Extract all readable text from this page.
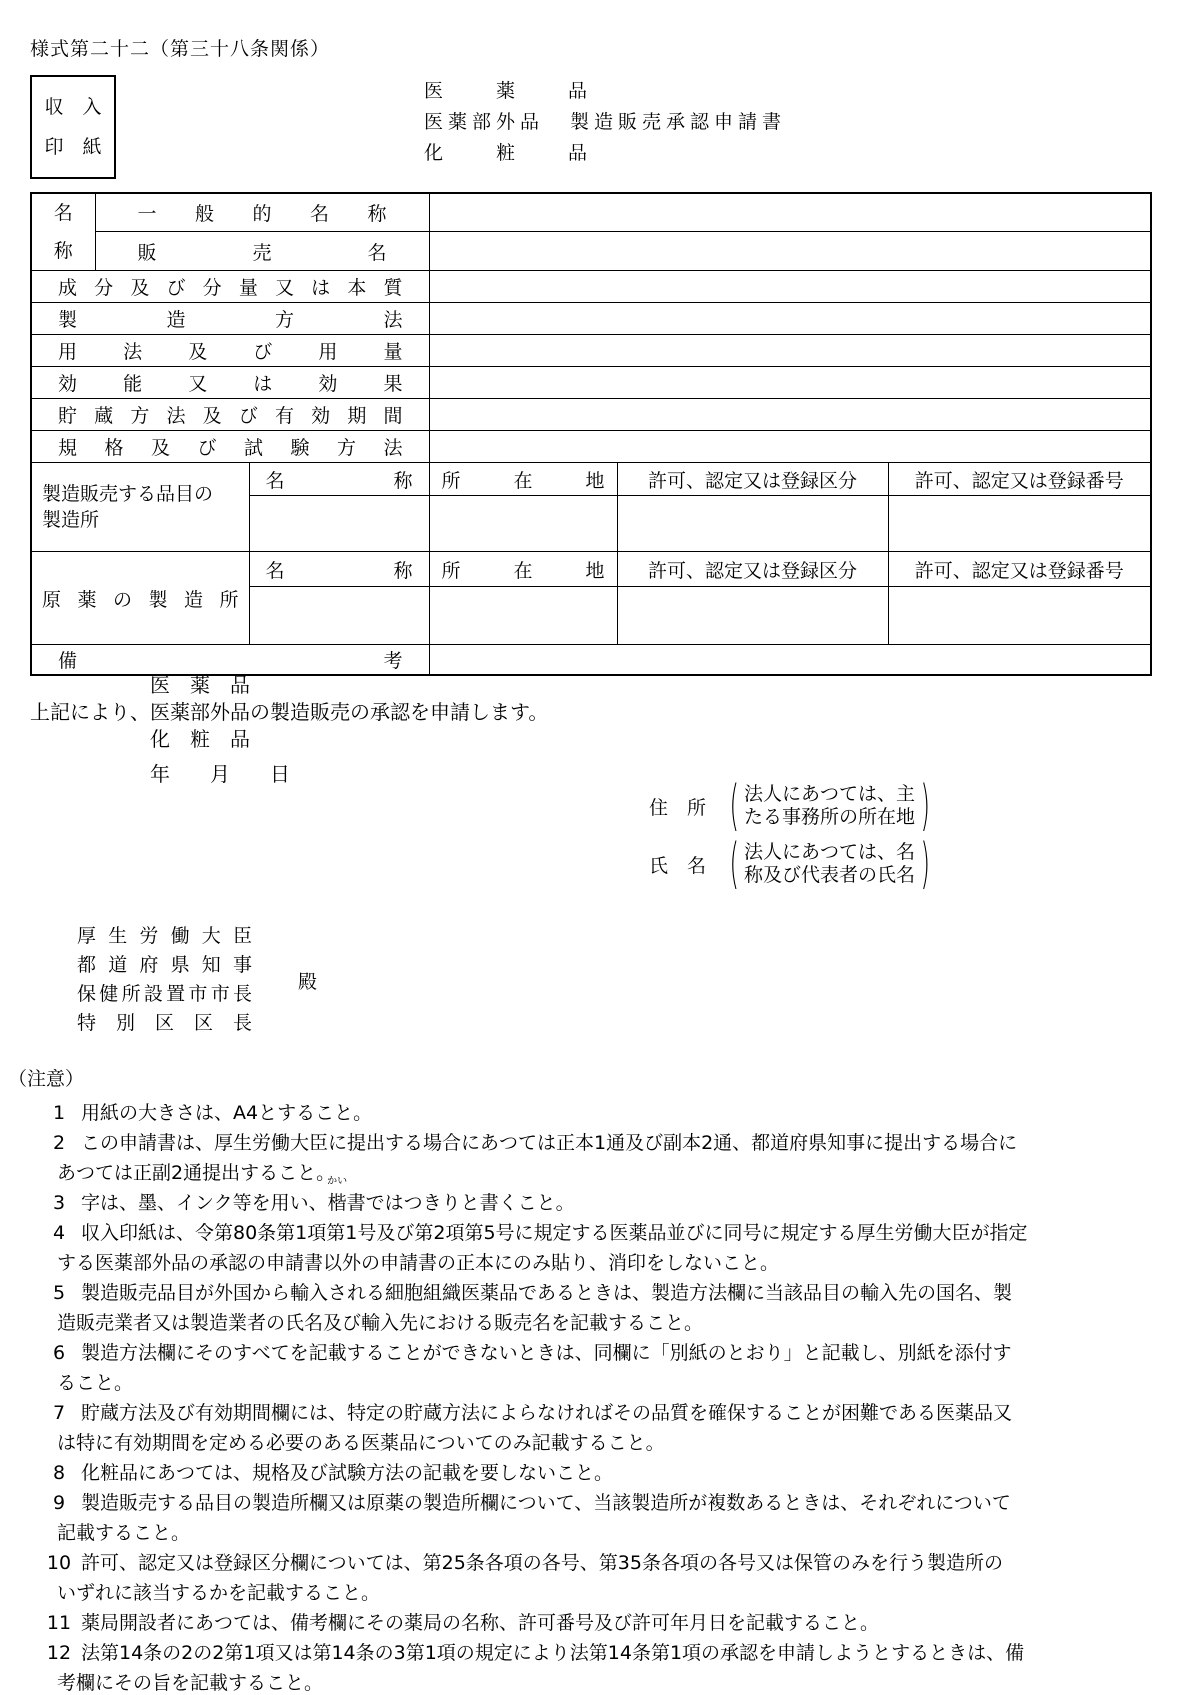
様式第二十二（第三十八条関係）
収　入
印　紙
医　　薬　　品
医薬部外品 製造販売承認申請書
化　　粧　　品
名称	一般的名称				
	販売名				
成分及び分量又は本質					
製造方法					
用法及び用量					
効能又は効果					
貯蔵方法及び有効期間					
規格及び試験方法					

製造販売する品目の
製造所		名称	所在地	許可、認定又は登録区分	許可、認定又は登録番号

原薬の製造所		名称	所在地	許可、認定又は登録区分	許可、認定又は登録番号

備考					
医　薬　品
上記により、医薬部外品の製造販売の承認を申請します。
化　粧　品
年　　月　　日
住　所 ( 法人にあつては、主
たる事務所の所在地 )
氏　名 ( 法人にあつては、名
称及び代表者の氏名 )
厚生労働大臣
都道府県知事
保健所設置市市長
特別区区長
殿
（注意）
1 用紙の大きさは、A4とすること。
2 この申請書は、厚生労働大臣に提出する場合にあつては正本1通及び副本2通、都道府県知事に提出する場合に
あつては正副2通提出すること。
3 字は、墨、インク等を用い、楷
かい
書ではつきりと書くこと。
4 収入印紙は、令第80条第1項第1号及び第2項第5号に規定する医薬品並びに同号に規定する厚生労働大臣が指定
する医薬部外品の承認の申請書以外の申請書の正本にのみ貼り、消印をしないこと。
5 製造販売品目が外国から輸入される細胞組織医薬品であるときは、製造方法欄に当該品目の輸入先の国名、製
造販売業者又は製造業者の氏名及び輸入先における販売名を記載すること。
6 製造方法欄にそのすべてを記載することができないときは、同欄に「別紙のとおり」と記載し、別紙を添付す
ること。
7 貯蔵方法及び有効期間欄には、特定の貯蔵方法によらなければその品質を確保することが困難である医薬品又
は特に有効期間を定める必要のある医薬品についてのみ記載すること。
8 化粧品にあつては、規格及び試験方法の記載を要しないこと。
9 製造販売する品目の製造所欄又は原薬の製造所欄について、当該製造所が複数あるときは、それぞれについて
記載すること。
10 許可、認定又は登録区分欄については、第25条各項の各号、第35条各項の各号又は保管のみを行う製造所の
いずれに該当するかを記載すること。
11 薬局開設者にあつては、備考欄にその薬局の名称、許可番号及び許可年月日を記載すること。
12 法第14条の2の2第1項又は第14条の3第1項の規定により法第14条第1項の承認を申請しようとするときは、備
考欄にその旨を記載すること。
